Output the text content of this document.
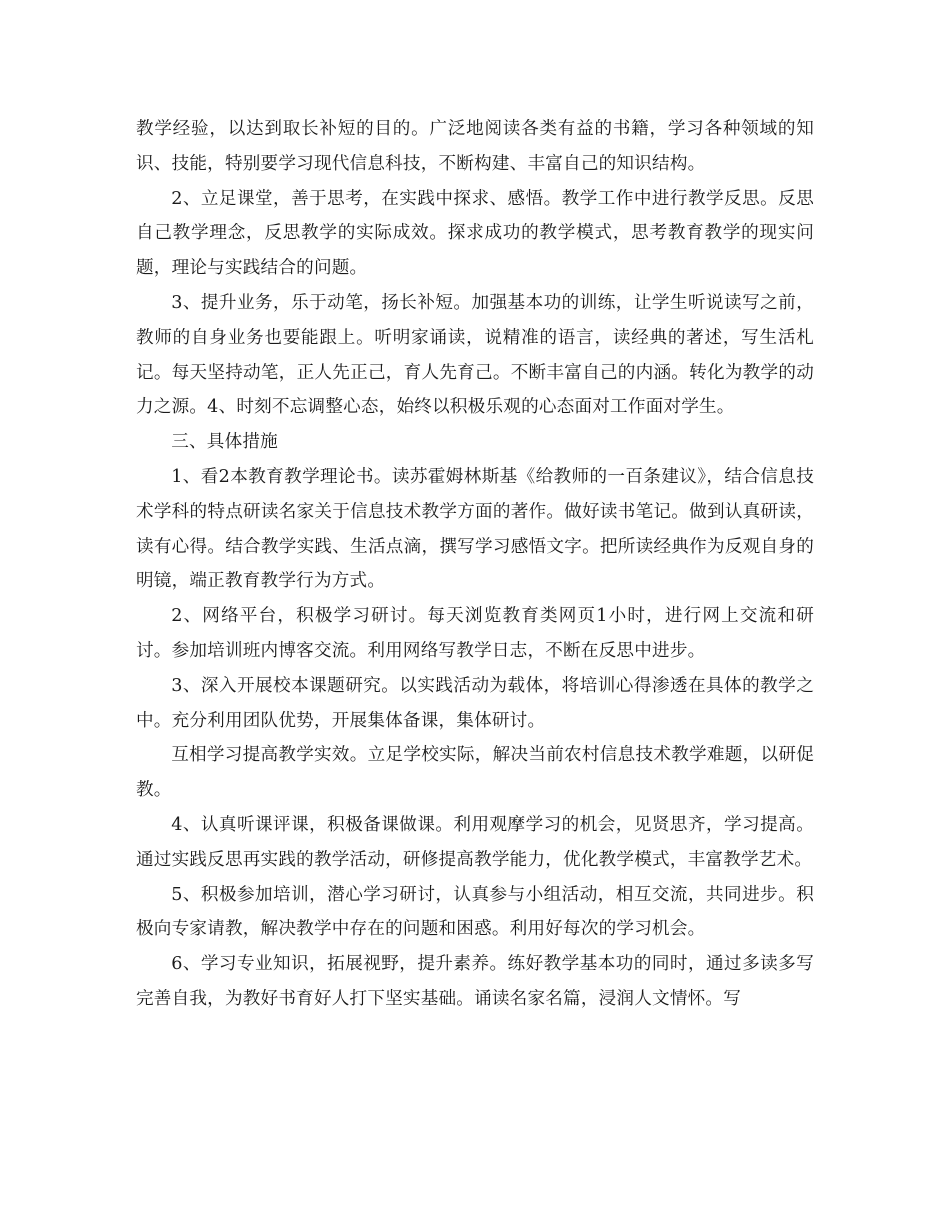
教学经验，以达到取长补短的目的。广泛地阅读各类有益的书籍，学习各种领域的知识、技能，特别要学习现代信息科技，不断构建、丰富自己的知识结构。

2、立足课堂，善于思考，在实践中探求、感悟。教学工作中进行教学反思。反思自己教学理念，反思教学的实际成效。探求成功的教学模式，思考教育教学的现实问题，理论与实践结合的问题。

3、提升业务，乐于动笔，扬长补短。加强基本功的训练，让学生听说读写之前，教师的自身业务也要能跟上。听明家诵读，说精准的语言，读经典的著述，写生活札记。每天坚持动笔，正人先正己，育人先育己。不断丰富自己的内涵。转化为教学的动力之源。4、时刻不忘调整心态，始终以积极乐观的心态面对工作面对学生。

三、具体措施

1、看2本教育教学理论书。读苏霍姆林斯基《给教师的一百条建议》，结合信息技术学科的特点研读名家关于信息技术教学方面的著作。做好读书笔记。做到认真研读，读有心得。结合教学实践、生活点滴，撰写学习感悟文字。把所读经典作为反观自身的明镜，端正教育教学行为方式。

2、网络平台，积极学习研讨。每天浏览教育类网页1小时，进行网上交流和研讨。参加培训班内博客交流。利用网络写教学日志，不断在反思中进步。

3、深入开展校本课题研究。以实践活动为载体，将培训心得渗透在具体的教学之中。充分利用团队优势，开展集体备课，集体研讨。

互相学习提高教学实效。立足学校实际，解决当前农村信息技术教学难题，以研促教。

4、认真听课评课，积极备课做课。利用观摩学习的机会，见贤思齐，学习提高。通过实践反思再实践的教学活动，研修提高教学能力，优化教学模式，丰富教学艺术。

5、积极参加培训，潜心学习研讨，认真参与小组活动，相互交流，共同进步。积极向专家请教，解决教学中存在的问题和困惑。利用好每次的学习机会。

6、学习专业知识，拓展视野，提升素养。练好教学基本功的同时，通过多读多写完善自我，为教好书育好人打下坚实基础。诵读名家名篇，浸润人文情怀。写
